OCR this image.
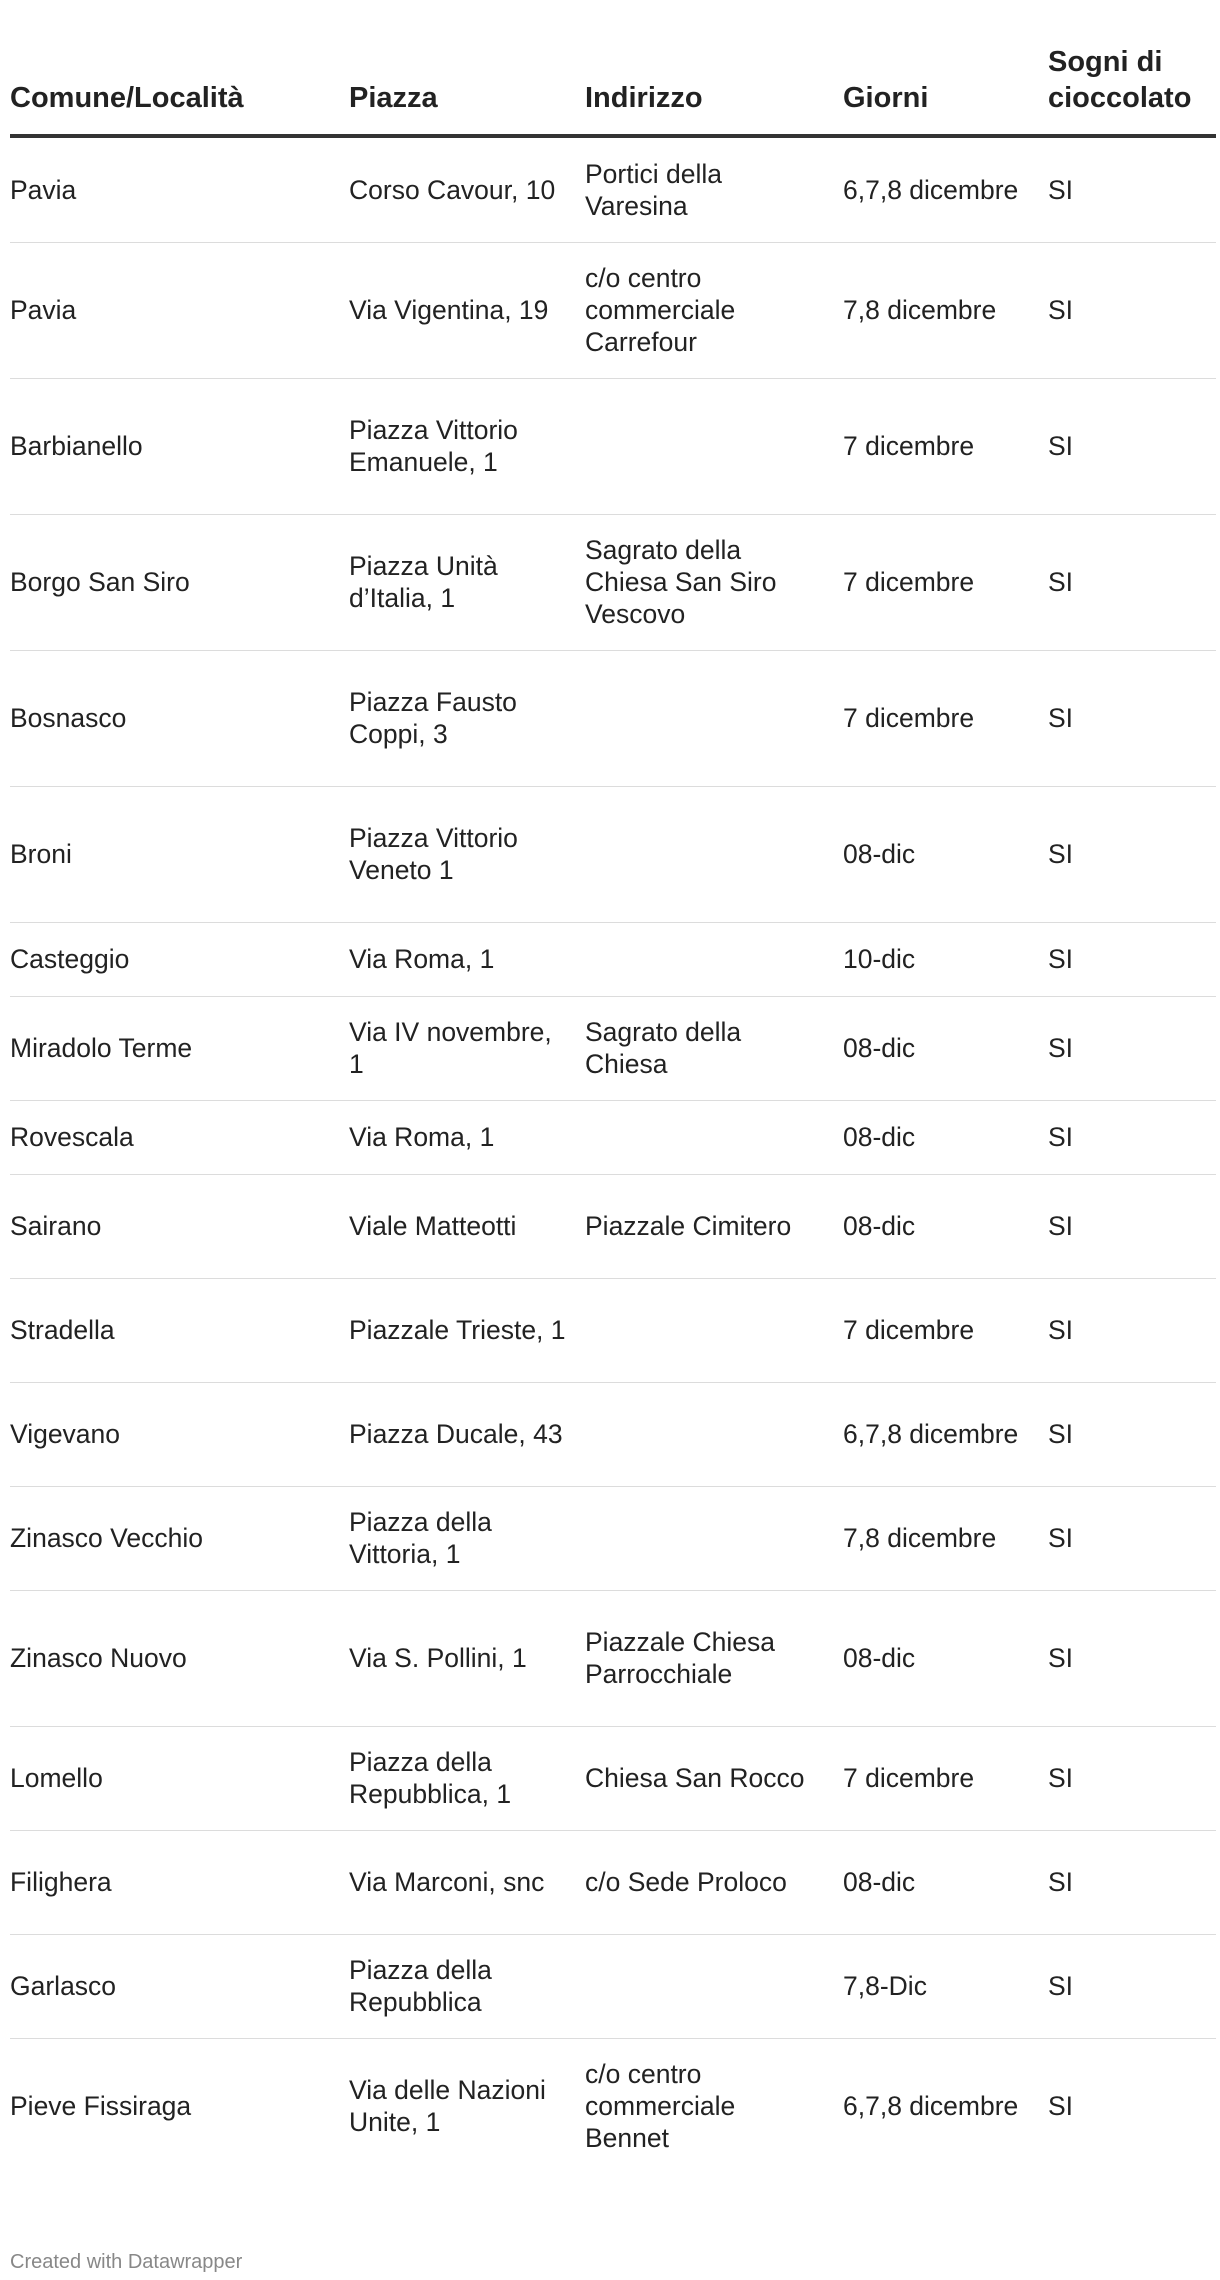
Comune/Località	Piazza	Indirizzo	Giorni	Sogni di cioccolato

Pavia	Corso Cavour, 10	Portici della Varesina	6,7,8 dicembre	SI

Pavia	Via Vigentina, 19	c/o centro commerciale Carrefour	7,8 dicembre	SI

Barbianello	Piazza Vittorio Emanuele, 1		7 dicembre	SI

Borgo San Siro	Piazza Unità d’Italia, 1	Sagrato della Chiesa San Siro Vescovo	7 dicembre	SI

Bosnasco	Piazza Fausto Coppi, 3		7 dicembre	SI

Broni	Piazza Vittorio Veneto 1		08-dic	SI

Casteggio	Via Roma, 1		10-dic	SI

Miradolo Terme	Via IV novembre, 1	Sagrato della Chiesa	08-dic	SI

Rovescala	Via Roma, 1		08-dic	SI

Sairano	Viale Matteotti	Piazzale Cimitero	08-dic	SI

Stradella	Piazzale Trieste, 1		7 dicembre	SI

Vigevano	Piazza Ducale, 43		6,7,8 dicembre	SI

Zinasco Vecchio	Piazza della Vittoria, 1		7,8 dicembre	SI

Zinasco Nuovo	Via S. Pollini, 1	Piazzale Chiesa Parrocchiale	08-dic	SI

Lomello	Piazza della Repubblica, 1	Chiesa San Rocco	7 dicembre	SI

Filighera	Via Marconi, snc	c/o Sede Proloco	08-dic	SI

Garlasco	Piazza della Repubblica		7,8-Dic	SI

Pieve Fissiraga	Via delle Nazioni Unite, 1	c/o centro commerciale Bennet	6,7,8 dicembre	SI
Created with Datawrapper
